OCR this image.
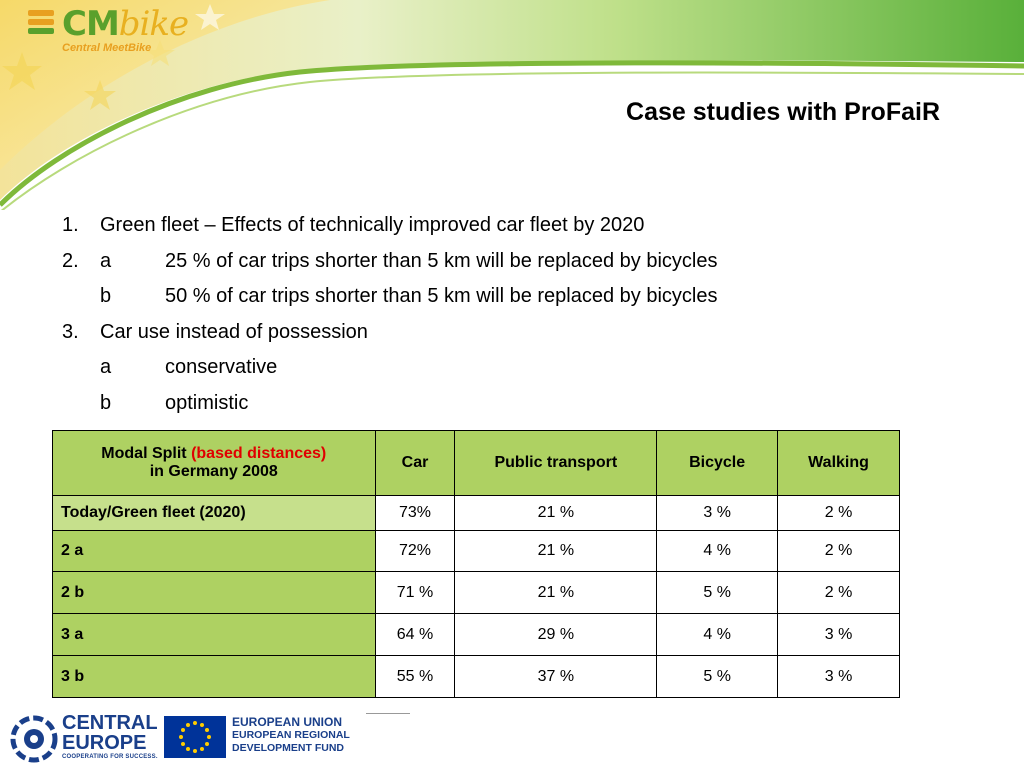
CMbike
Central MeetBike
Case studies with ProFaiR
1. Green fleet – Effects of technically improved car fleet by 2020
2. a	25 % of car trips shorter than 5 km will be replaced by bicycles
b	50 % of car trips shorter than 5 km will be replaced by bicycles
3. Car use instead of possession
a	conservative
b	optimistic
Modal Split (based distances)
in Germany 2008	Car	Public transport	Bicycle	Walking
Today/Green fleet (2020)	73%	21 %	3 %	2 %
2 a	72%	21 %	4 %	2 %
2 b	71 %	21 %	5 %	2 %
3 a	64 %	29 %	4 %	3 %
3 b	55 %	37 %	5 %	3 %
CENTRAL
EUROPE
COOPERATING FOR SUCCESS.
EUROPEAN UNION
EUROPEAN REGIONAL
DEVELOPMENT FUND
